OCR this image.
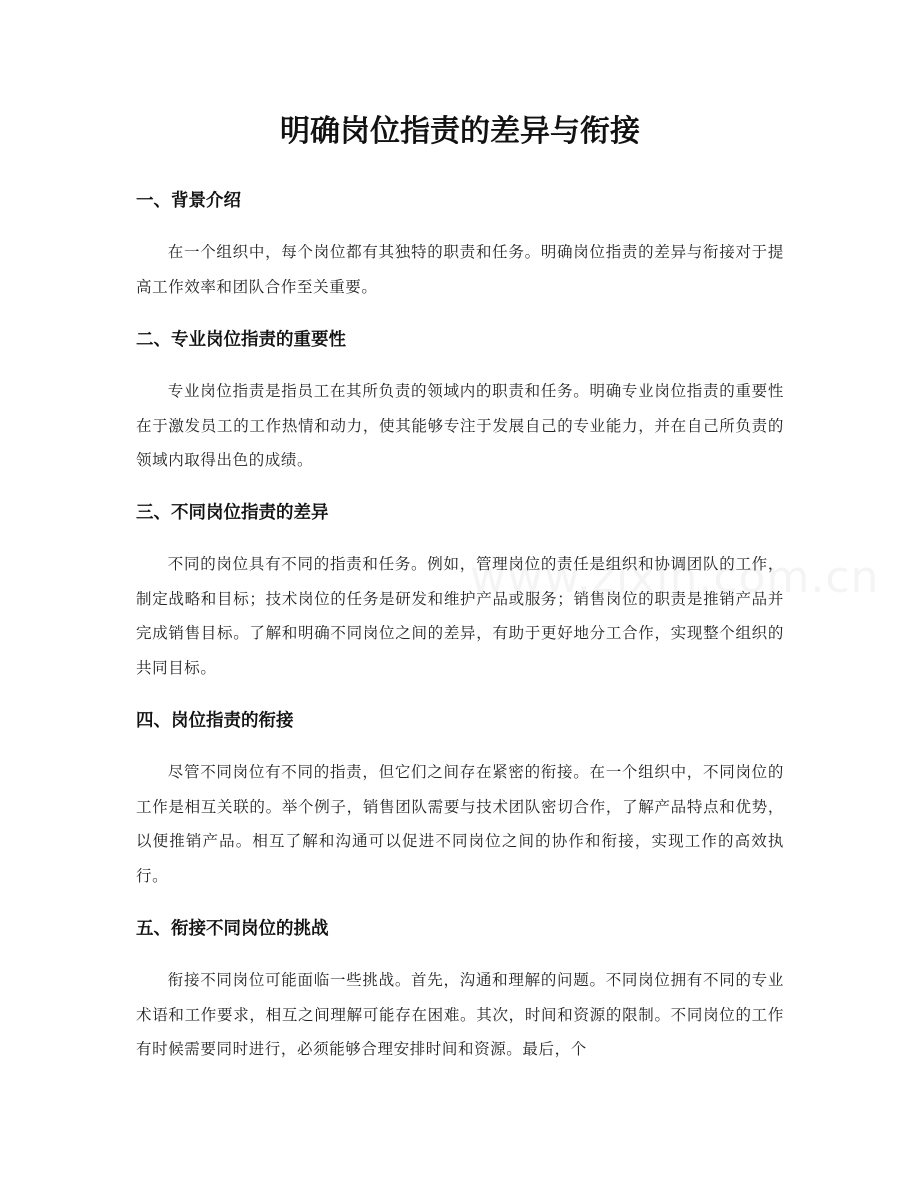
明确岗位指责的差异与衔接
一、背景介绍

在一个组织中，每个岗位都有其独特的职责和任务。明确岗位指责的差异与衔接对于提高工作效率和团队合作至关重要。

二、专业岗位指责的重要性

专业岗位指责是指员工在其所负责的领域内的职责和任务。明确专业岗位指责的重要性在于激发员工的工作热情和动力，使其能够专注于发展自己的专业能力，并在自己所负责的领域内取得出色的成绩。

三、不同岗位指责的差异

不同的岗位具有不同的指责和任务。例如，管理岗位的责任是组织和协调团队的工作，制定战略和目标；技术岗位的任务是研发和维护产品或服务；销售岗位的职责是推销产品并完成销售目标。了解和明确不同岗位之间的差异，有助于更好地分工合作，实现整个组织的共同目标。

四、岗位指责的衔接

尽管不同岗位有不同的指责，但它们之间存在紧密的衔接。在一个组织中，不同岗位的工作是相互关联的。举个例子，销售团队需要与技术团队密切合作，了解产品特点和优势，以便推销产品。相互了解和沟通可以促进不同岗位之间的协作和衔接，实现工作的高效执行。

五、衔接不同岗位的挑战

衔接不同岗位可能面临一些挑战。首先，沟通和理解的问题。不同岗位拥有不同的专业术语和工作要求，相互之间理解可能存在困难。其次，时间和资源的限制。不同岗位的工作有时候需要同时进行，必须能够合理安排时间和资源。最后，个
